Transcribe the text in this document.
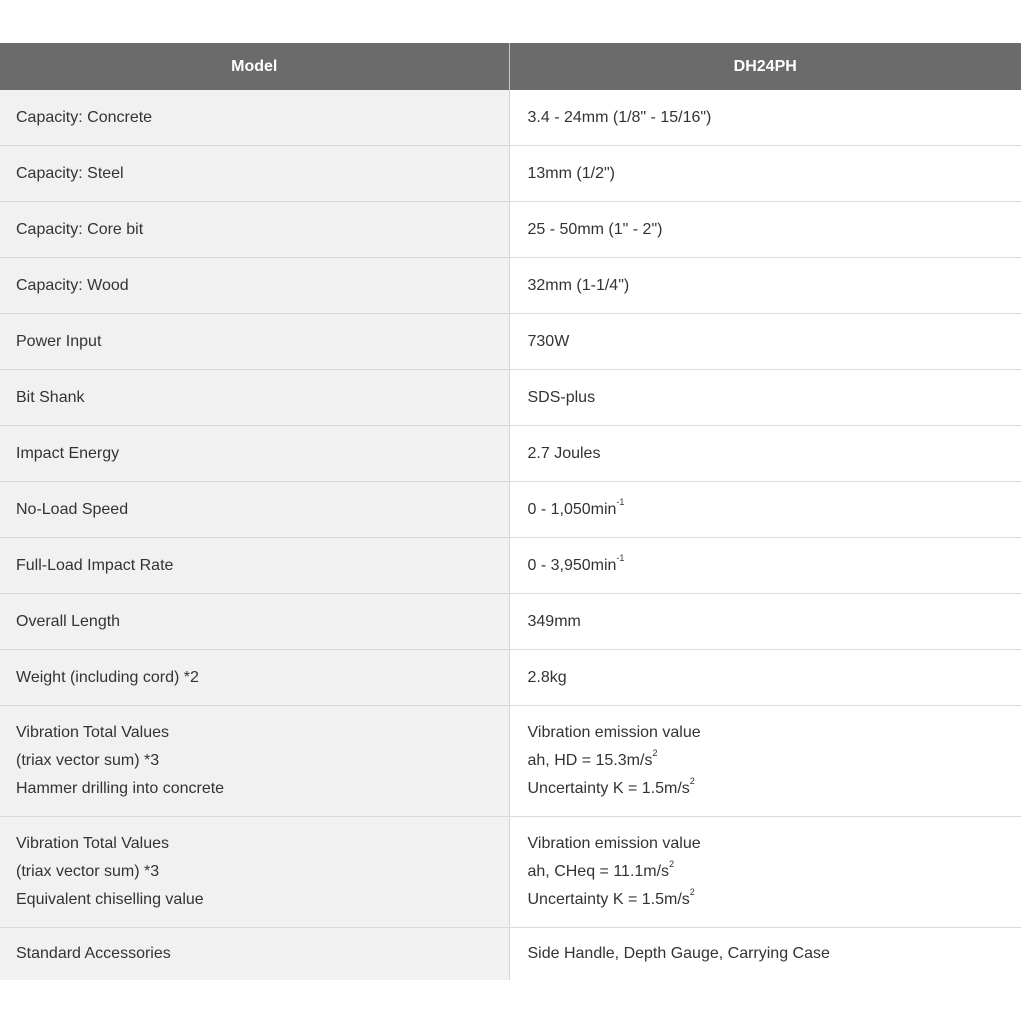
Model	DH24PH

Capacity: Concrete	3.4 - 24mm (1/8" - 15/16")

Capacity: Steel	13mm (1/2")

Capacity: Core bit	25 - 50mm (1" - 2")

Capacity: Wood	32mm (1-1/4")

Power Input	730W

Bit Shank	SDS-plus

Impact Energy	2.7 Joules

No-Load Speed	$0 - 1,050\min^{-1}$

Full-Load Impact Rate	$0 - 3,950\min^{-1}$

Overall Length	349mm

Weight (including cord) *2	2.8kg

Vibration Total Values
(triax vector sum) *3
Hammer drilling into concrete	Vibration emission value
ah, HD = $15.3m/s^2$
Uncertainty $K = 1.5m/s^2$

Vibration Total Values
(triax vector sum) *3
Equivalent chiselling value	Vibration emission value
ah, CHeq = $11.1m/s^2$
Uncertainty $K = 1.5m/s^2$

Standard Accessories	Side Handle, Depth Gauge, Carrying Case
